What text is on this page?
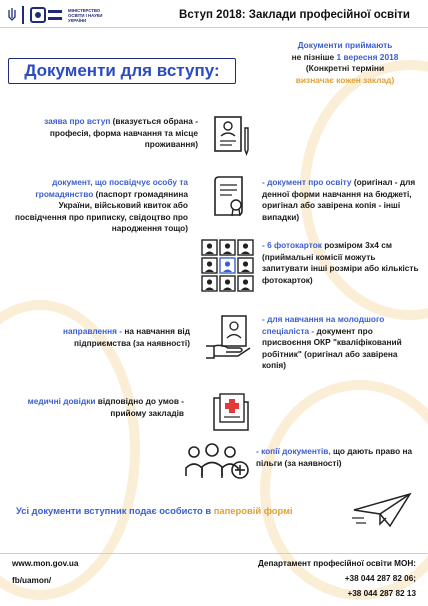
МІНІСТЕРСТВО ОСВІТИ І НАУКИ УКРАЇНИ	Вступ 2018: Заклади професійної освіти
Документи приймають
не пізніше 1 вересня 2018
(Конкретні терміни
визначає кожен заклад)
Документи для вступу:
заява про вступ (вказується обрана - професія, форма навчання та місце проживання)
документ, що посвідчує особу та громадянство (паспорт громадянина України, військовий квиток або посвідчення про приписку, свідоцтво про народження тощо)
- документ про освіту (оригінал - для денної форми навчання на бюджеті, оригінал або завірена копія - інші випадки)
- 6 фотокарток розміром 3х4 см (приймальні комісії можуть запитувати інші розміри або кількість фотокарток)
направлення - на навчання від підприємства (за наявності)
- для навчання на молодшого спеціаліста - документ про присвоєння ОКР "кваліфікований робітник" (оригінал або завірена копія)
медичні довідки відповідно до умов - прийому закладів
- копії документів, що дають право на пільги (за наявності)
Усі документи вступник подає особисто в паперовій формі
www.mon.gov.ua
fb/uamon/
Департамент професійної освіти МОН:
+38 044 287 82 06;
+38 044 287 82 13
